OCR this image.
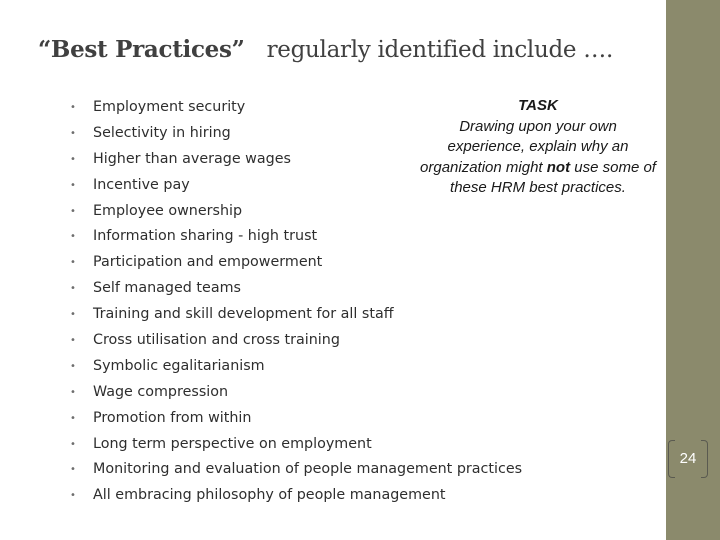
“Best Practices” regularly identified include ….
• Employment security
• Selectivity in hiring
• Higher than average wages
• Incentive pay
• Employee ownership
• Information sharing - high trust
• Participation and empowerment
• Self managed teams
• Training and skill development for all staff
• Cross utilisation and cross training
• Symbolic egalitarianism
• Wage compression
• Promotion from within
• Long term perspective on employment
• Monitoring and evaluation of people management practices
• All embracing philosophy of people management
TASK
Drawing upon your own experience, explain why an organization might not use some of these HRM best practices.
24
